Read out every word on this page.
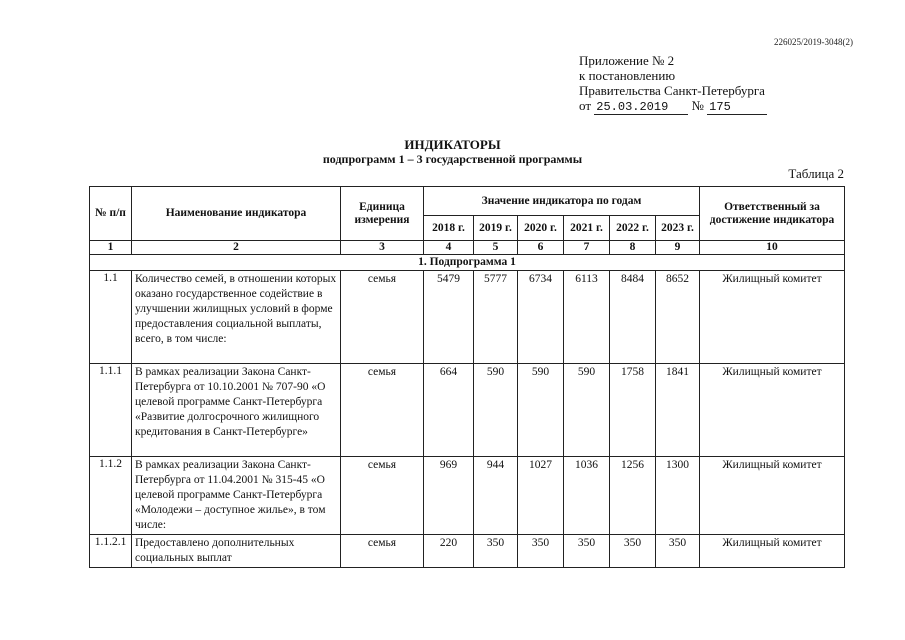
226025/2019-3048(2)
Приложение № 2
к постановлению
Правительства Санкт-Петербурга
от 25.03.2019 № 175
ИНДИКАТОРЫ
подпрограмм 1 – 3 государственной программы
Таблица 2
№ п/п	Наименование индикатора	Единица измерения	Значение индикатора по годам						Ответственный за достижение индикатора
			2018 г.	2019 г.	2020 г.	2021 г.	2022 г.	2023 г.	
1	2	3	4	5	6	7	8	9	10
1. Подпрограмма 1									
1.1	Количество семей, в отношении которых оказано государственное содействие в улучшении жилищных условий в форме предоставления социальной выплаты, всего, в том числе:	семья	5479	5777	6734	6113	8484	8652	Жилищный комитет
1.1.1	В рамках реализации Закона Санкт-Петербурга от 10.10.2001 № 707-90 «О целевой программе Санкт-Петербурга «Развитие долгосрочного жилищного кредитования в Санкт-Петербурге»	семья	664	590	590	590	1758	1841	Жилищный комитет
1.1.2	В рамках реализации Закона Санкт-Петербурга от 11.04.2001 № 315-45 «О целевой программе Санкт-Петербурга «Молодежи – доступное жилье», в том числе:	семья	969	944	1027	1036	1256	1300	Жилищный комитет
1.1.2.1	Предоставлено дополнительных социальных выплат	семья	220	350	350	350	350	350	Жилищный комитет
